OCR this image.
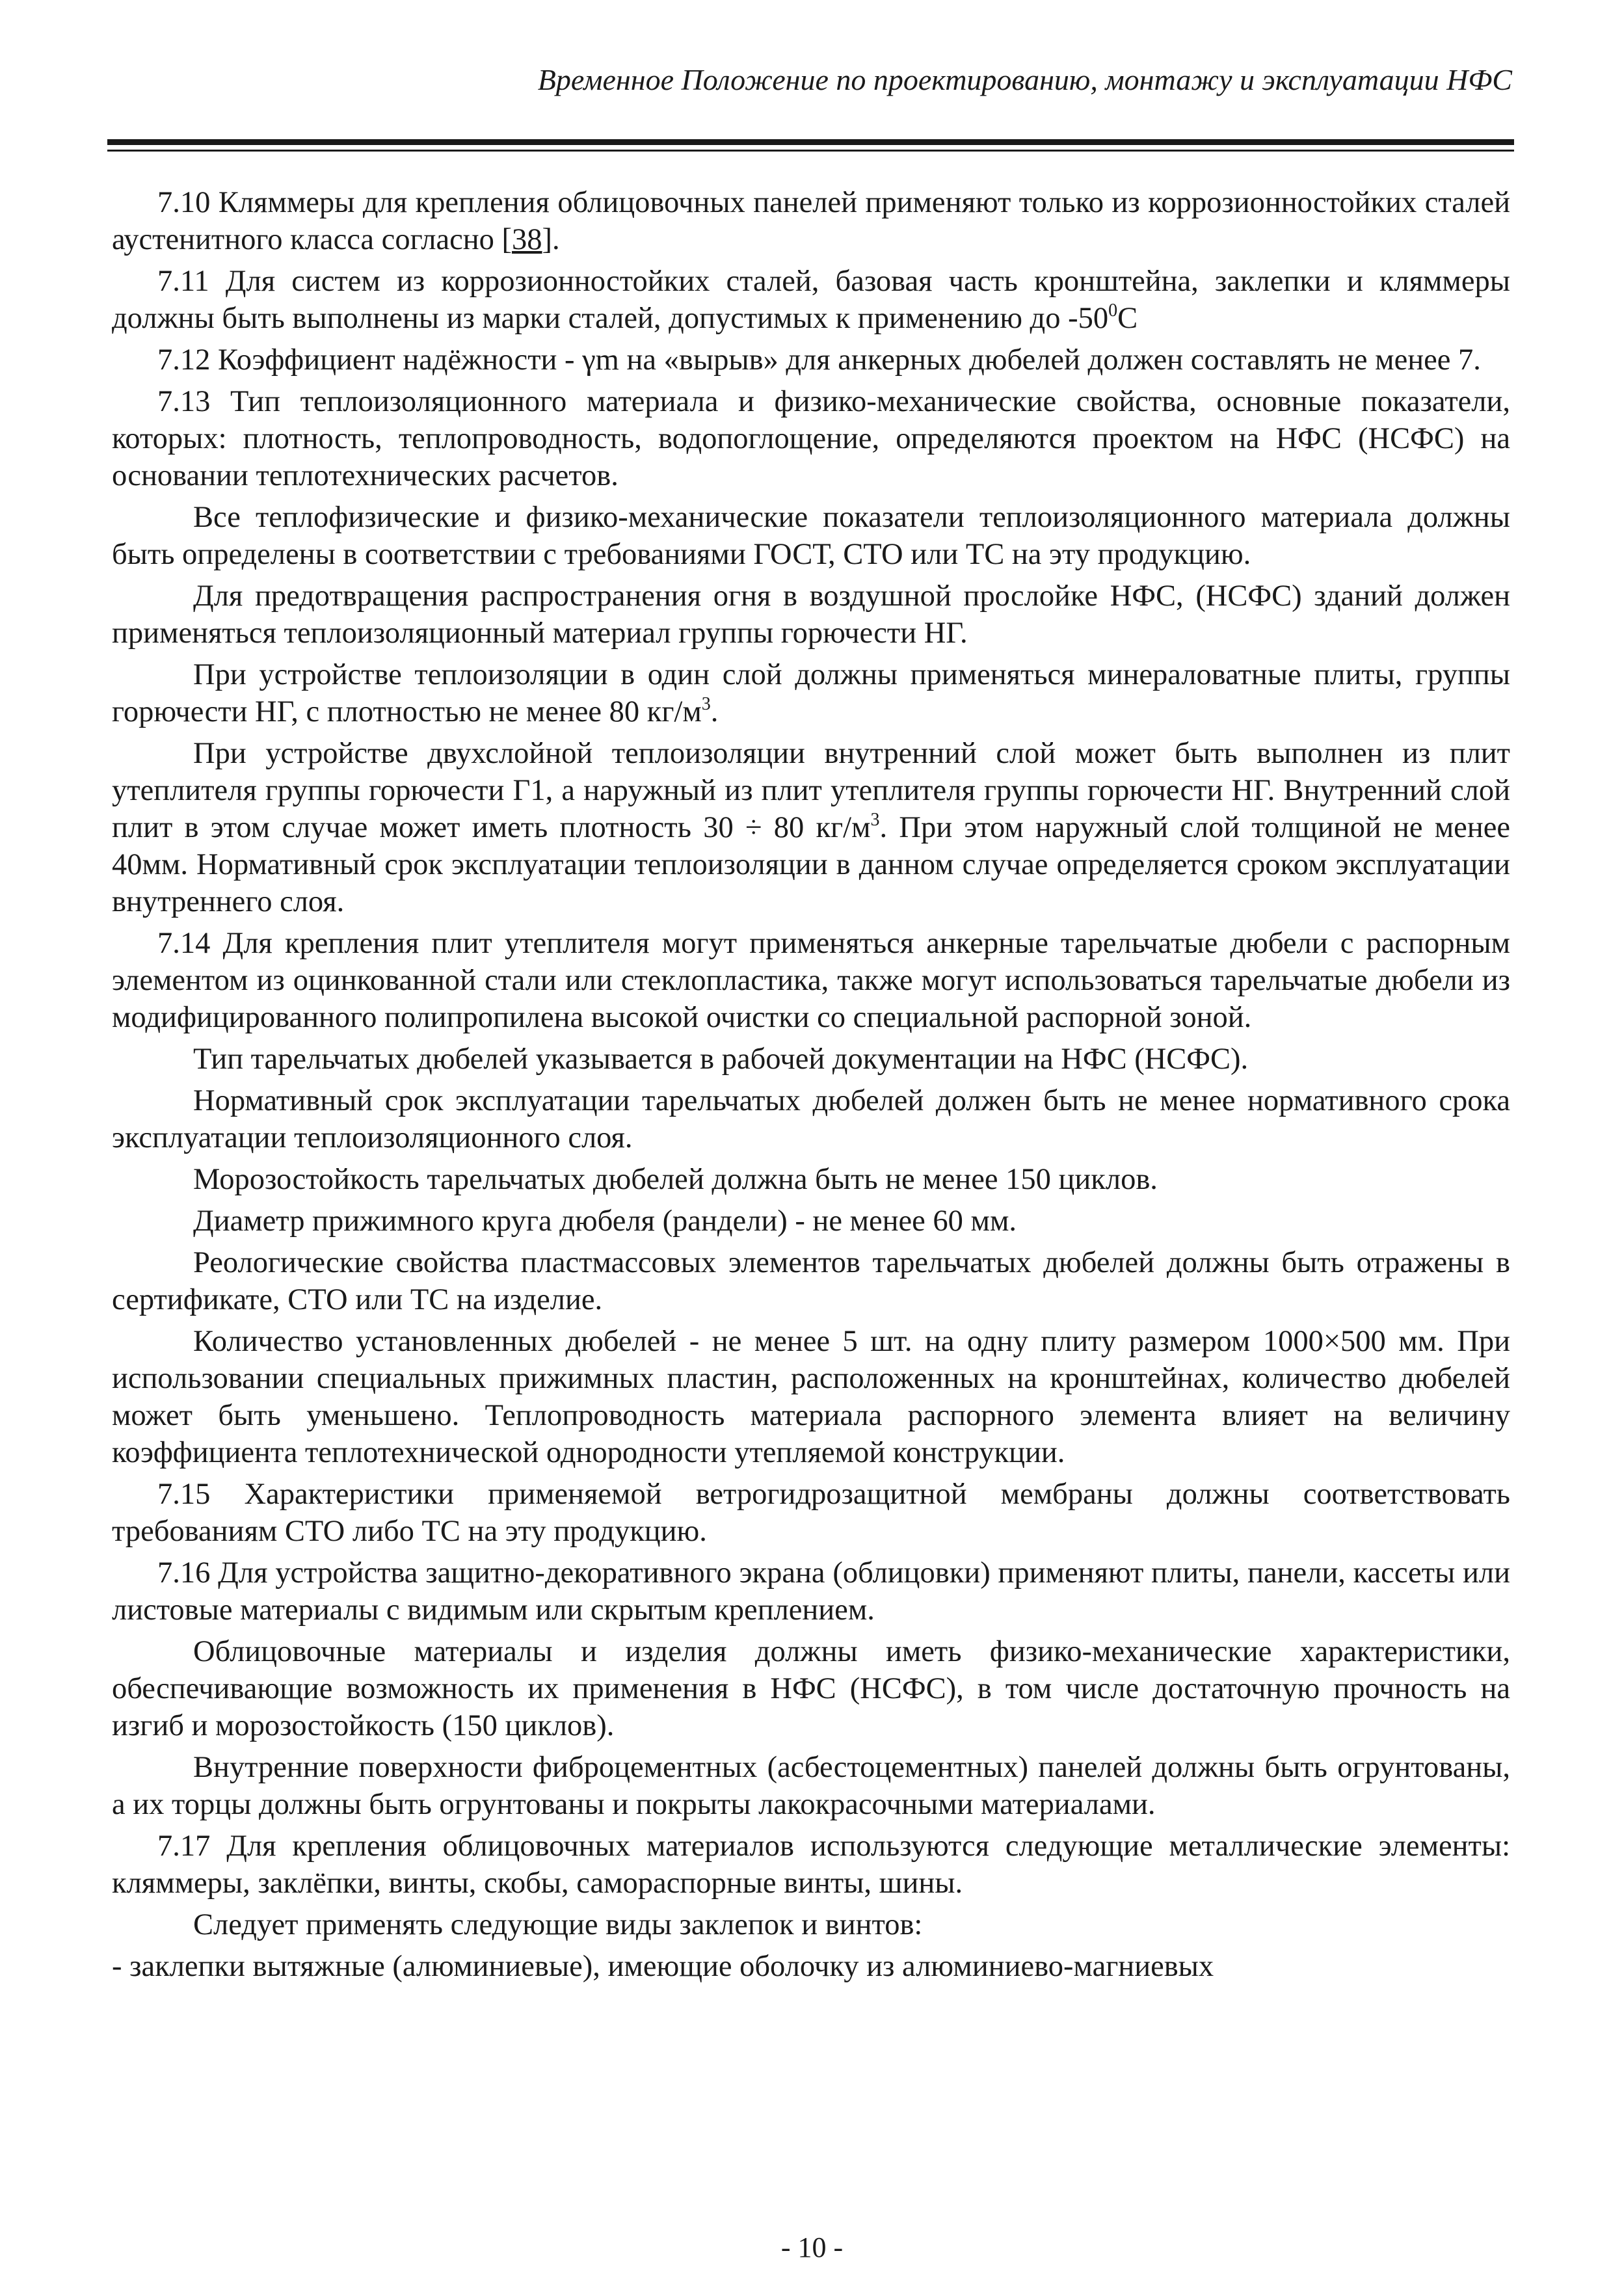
Временное Положение по проектированию, монтажу и эксплуатации НФС

7.10 Кляммеры для крепления облицовочных панелей применяют только из коррозионностойких сталей аустенитного класса согласно [38].

7.11 Для систем из коррозионностойких сталей, базовая часть кронштейна, заклепки и кляммеры должны быть выполнены из марки сталей, допустимых к применению до $-50^0С$

7.12 Коэффициент надёжности - γm на «вырыв» для анкерных дюбелей должен составлять не менее 7.

7.13 Тип теплоизоляционного материала и физико-механические свойства, основные показатели, которых: плотность, теплопроводность, водопоглощение, определяются проектом на НФС (НСФС) на основании теплотехнических расчетов.

Все теплофизические и физико-механические показатели теплоизоляционного материала должны быть определены в соответствии с требованиями ГОСТ, СТО или ТС на эту продукцию.

Для предотвращения распространения огня в воздушной прослойке НФС, (НСФС) зданий должен применяться теплоизоляционный материал группы горючести НГ.

При устройстве теплоизоляции в один слой должны применяться минераловатные плиты, группы горючести НГ, с плотностью не менее 80 $кг/м^3$.

При устройстве двухслойной теплоизоляции внутренний слой может быть выполнен из плит утеплителя группы горючести Г1, а наружный из плит утеплителя группы горючести НГ. Внутренний слой плит в этом случае может иметь плотность 30 ÷ 80 $кг/м^3$. При этом наружный слой толщиной не менее 40мм. Нормативный срок эксплуатации теплоизоляции в данном случае определяется сроком эксплуатации внутреннего слоя.

7.14 Для крепления плит утеплителя могут применяться анкерные тарельчатые дюбели с распорным элементом из оцинкованной стали или стеклопластика, также могут использоваться тарельчатые дюбели из модифицированного полипропилена высокой очистки со специальной распорной зоной.

Тип тарельчатых дюбелей указывается в рабочей документации на НФС (НСФС).

Нормативный срок эксплуатации тарельчатых дюбелей должен быть не менее нормативного срока эксплуатации теплоизоляционного слоя.

Морозостойкость тарельчатых дюбелей должна быть не менее 150 циклов.

Диаметр прижимного круга дюбеля (рандели) - не менее 60 мм.

Реологические свойства пластмассовых элементов тарельчатых дюбелей должны быть отражены в сертификате, СТО или ТС на изделие.

Количество установленных дюбелей - не менее 5 шт. на одну плиту размером 1000×500 мм. При использовании специальных прижимных пластин, расположенных на кронштейнах, количество дюбелей может быть уменьшено. Теплопроводность материала распорного элемента влияет на величину коэффициента теплотехнической однородности утепляемой конструкции.

7.15 Характеристики применяемой ветрогидрозащитной мембраны должны соответствовать требованиям СТО либо ТС на эту продукцию.

7.16 Для устройства защитно-декоративного экрана (облицовки) применяют плиты, панели, кассеты или листовые материалы с видимым или скрытым креплением.

Облицовочные материалы и изделия должны иметь физико-механические характеристики, обеспечивающие возможность их применения в НФС (НСФС), в том числе достаточную прочность на изгиб и морозостойкость (150 циклов).

Внутренние поверхности фиброцементных (асбестоцементных) панелей должны быть огрунтованы, а их торцы должны быть огрунтованы и покрыты лакокрасочными материалами.

7.17 Для крепления облицовочных материалов используются следующие металлические элементы: кляммеры, заклёпки, винты, скобы, самораспорные винты, шины.

Следует применять следующие виды заклепок и винтов:

- заклепки вытяжные (алюминиевые), имеющие оболочку из алюминиево-магниевых

- 10 -
